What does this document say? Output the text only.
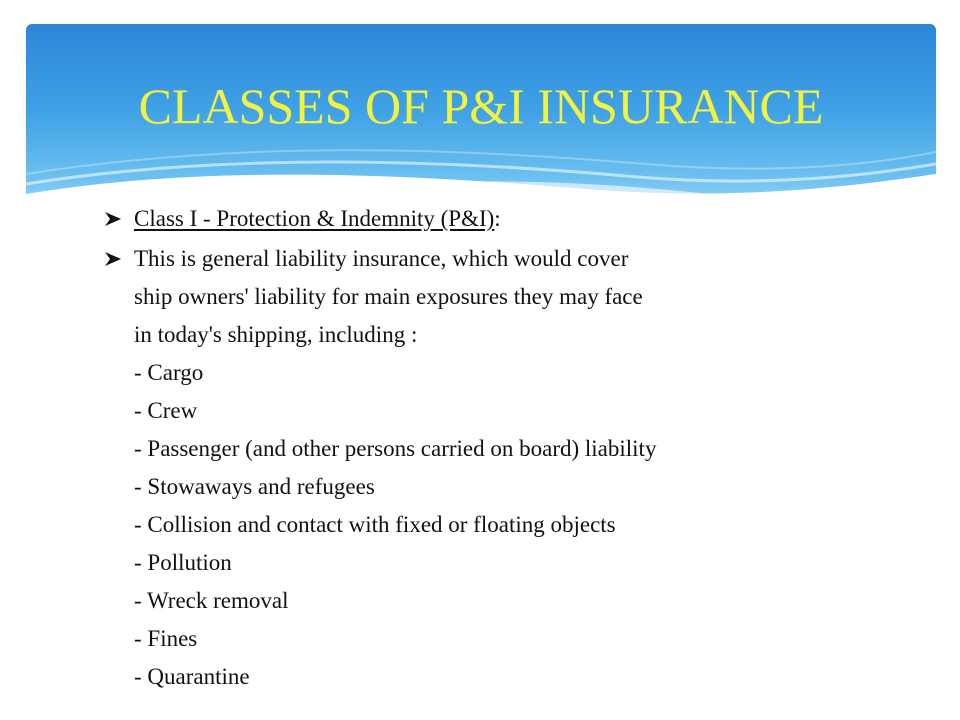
CLASSES OF P&I INSURANCE
Class I - Protection & Indemnity (P&I):
This is general liability insurance, which would cover
ship owners' liability for main exposures they may face
in today's shipping, including :
- Cargo
- Crew
- Passenger (and other persons carried on board) liability
- Stowaways and refugees
- Collision and contact with fixed or floating objects
- Pollution
- Wreck removal
- Fines
- Quarantine
